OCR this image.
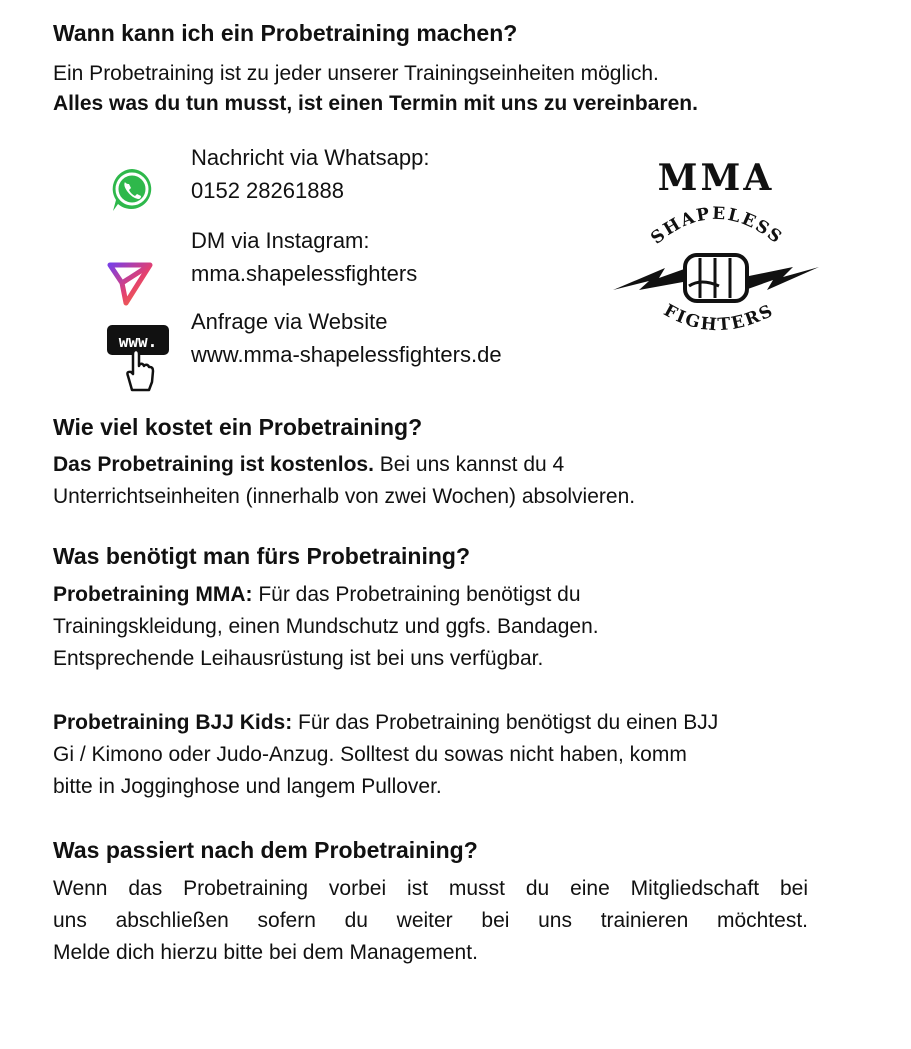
Wann kann ich ein Probetraining machen?

Ein Probetraining ist zu jeder unserer Trainingseinheiten möglich.

Alles was du tun musst, ist einen Termin mit uns zu vereinbaren.

Nachricht via Whatsapp:
0152 28261888
DM via Instagram:
mma.shapelessfighters
www.
Anfrage via Website
www.mma-shapelessfighters.de
MMA
SHAPELESS
FIGHTERS
Wie viel kostet ein Probetraining?

Das Probetraining ist kostenlos. Bei uns kannst du 4

Unterrichtseinheiten (innerhalb von zwei Wochen) absolvieren.

Was benötigt man fürs Probetraining?

Probetraining MMA: Für das Probetraining benötigst du

Trainingskleidung, einen Mundschutz und ggfs. Bandagen.

Entsprechende Leihausrüstung ist bei uns verfügbar.

Probetraining BJJ Kids: Für das Probetraining benötigst du einen BJJ

Gi / Kimono oder Judo-Anzug. Solltest du sowas nicht haben, komm

bitte in Jogginghose und langem Pullover.

Was passiert nach dem Probetraining?

Wenn das Probetraining vorbei ist musst du eine Mitgliedschaft bei

uns abschließen sofern du weiter bei uns trainieren möchtest.

Melde dich hierzu bitte bei dem Management.
